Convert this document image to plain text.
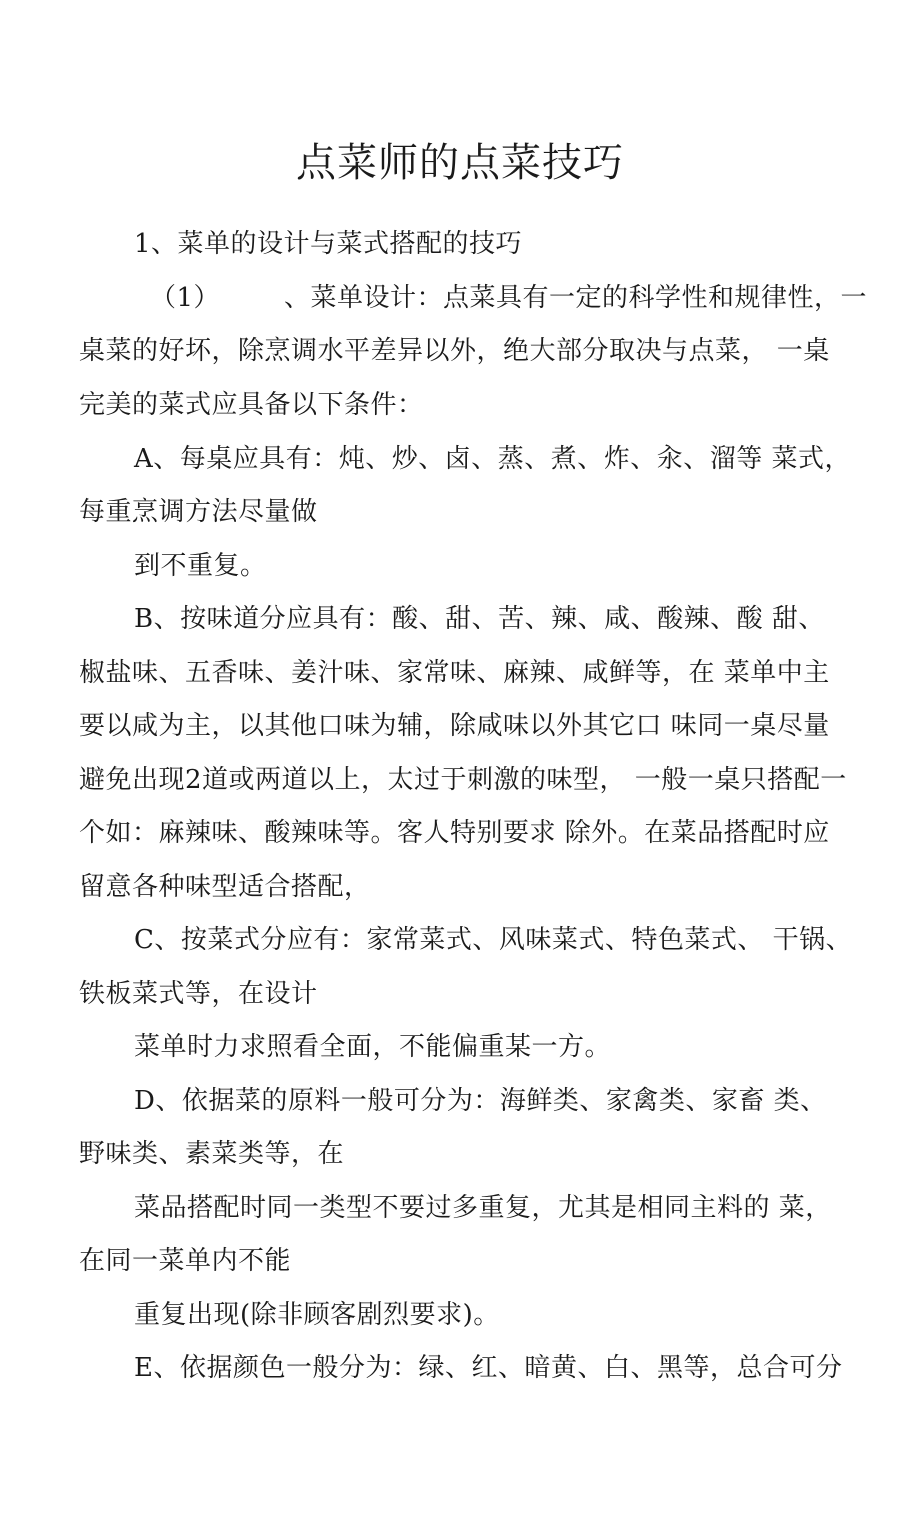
点菜师的点菜技巧
1、菜单的设计与菜式搭配的技巧
（1） 、菜单设计：点菜具有一定的科学性和规律性，一
桌菜的好坏，除烹调水平差异以外，绝大部分取决与点菜， 一桌
完美的菜式应具备以下条件：
A、每桌应具有：炖、炒、卤、蒸、煮、炸、汆、溜等 菜式，
每重烹调方法尽量做
到不重复。
B、按味道分应具有：酸、甜、苦、辣、咸、酸辣、酸 甜、
椒盐味、五香味、姜汁味、家常味、麻辣、咸鲜等，在 菜单中主
要以咸为主，以其他口味为辅，除咸味以外其它口 味同一桌尽量
避免出现2道或两道以上，太过于刺激的味型， 一般一桌只搭配一
个如：麻辣味、酸辣味等。客人特别要求 除外。在菜品搭配时应
留意各种味型适合搭配，
C、按菜式分应有：家常菜式、风味菜式、特色菜式、 干锅、
铁板菜式等，在设计
菜单时力求照看全面，不能偏重某一方。
D、依据菜的原料一般可分为：海鲜类、家禽类、家畜 类、
野味类、素菜类等，在
菜品搭配时同一类型不要过多重复，尤其是相同主料的 菜，
在同一菜单内不能
重复出现(除非顾客剧烈要求)。
E、依据颜色一般分为：绿、红、暗黄、白、黑等，总合可分
